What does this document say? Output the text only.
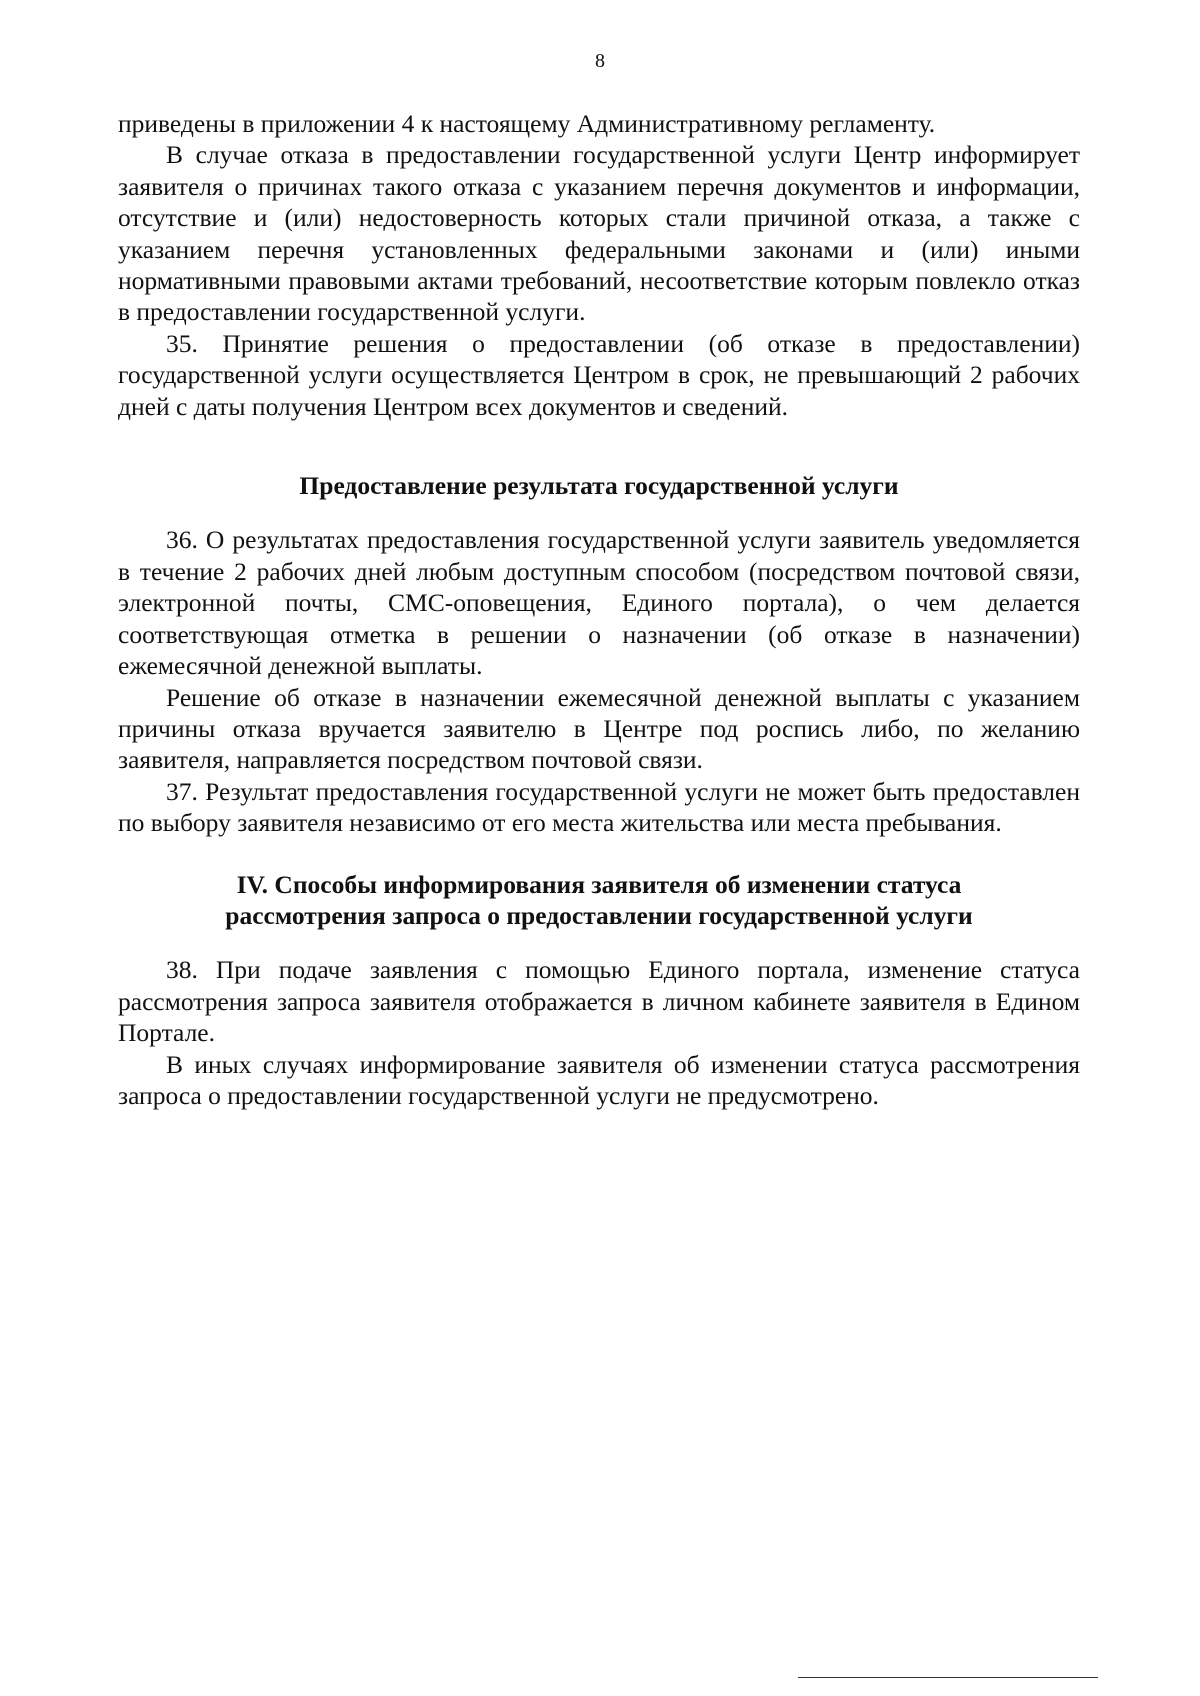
8

приведены в приложении 4 к настоящему Административному регламенту.

В случае отказа в предоставлении государственной услуги Центр информирует заявителя о причинах такого отказа с указанием перечня документов и информации, отсутствие и (или) недостоверность которых стали причиной отказа, а также с указанием перечня установленных федеральными законами и (или) иными нормативными правовыми актами требований, несоответствие которым повлекло отказ в предоставлении государственной услуги.

35. Принятие решения о предоставлении (об отказе в предоставлении) государственной услуги осуществляется Центром в срок, не превышающий 2 рабочих дней с даты получения Центром всех документов и сведений.

Предоставление результата государственной услуги

36. О результатах предоставления государственной услуги заявитель уведомляется в течение 2 рабочих дней любым доступным способом (посредством почтовой связи, электронной почты, СМС-оповещения, Единого портала), о чем делается соответствующая отметка в решении о назначении (об отказе в назначении) ежемесячной денежной выплаты.

Решение об отказе в назначении ежемесячной денежной выплаты с указанием причины отказа вручается заявителю в Центре под роспись либо, по желанию заявителя, направляется посредством почтовой связи.

37. Результат предоставления государственной услуги не может быть предоставлен по выбору заявителя независимо от его места жительства или места пребывания.

IV. Способы информирования заявителя об изменении статуса
рассмотрения запроса о предоставлении государственной услуги

38. При подаче заявления с помощью Единого портала, изменение статуса рассмотрения запроса заявителя отображается в личном кабинете заявителя в Едином Портале.

В иных случаях информирование заявителя об изменении статуса рассмотрения запроса о предоставлении государственной услуги не предусмотрено.
